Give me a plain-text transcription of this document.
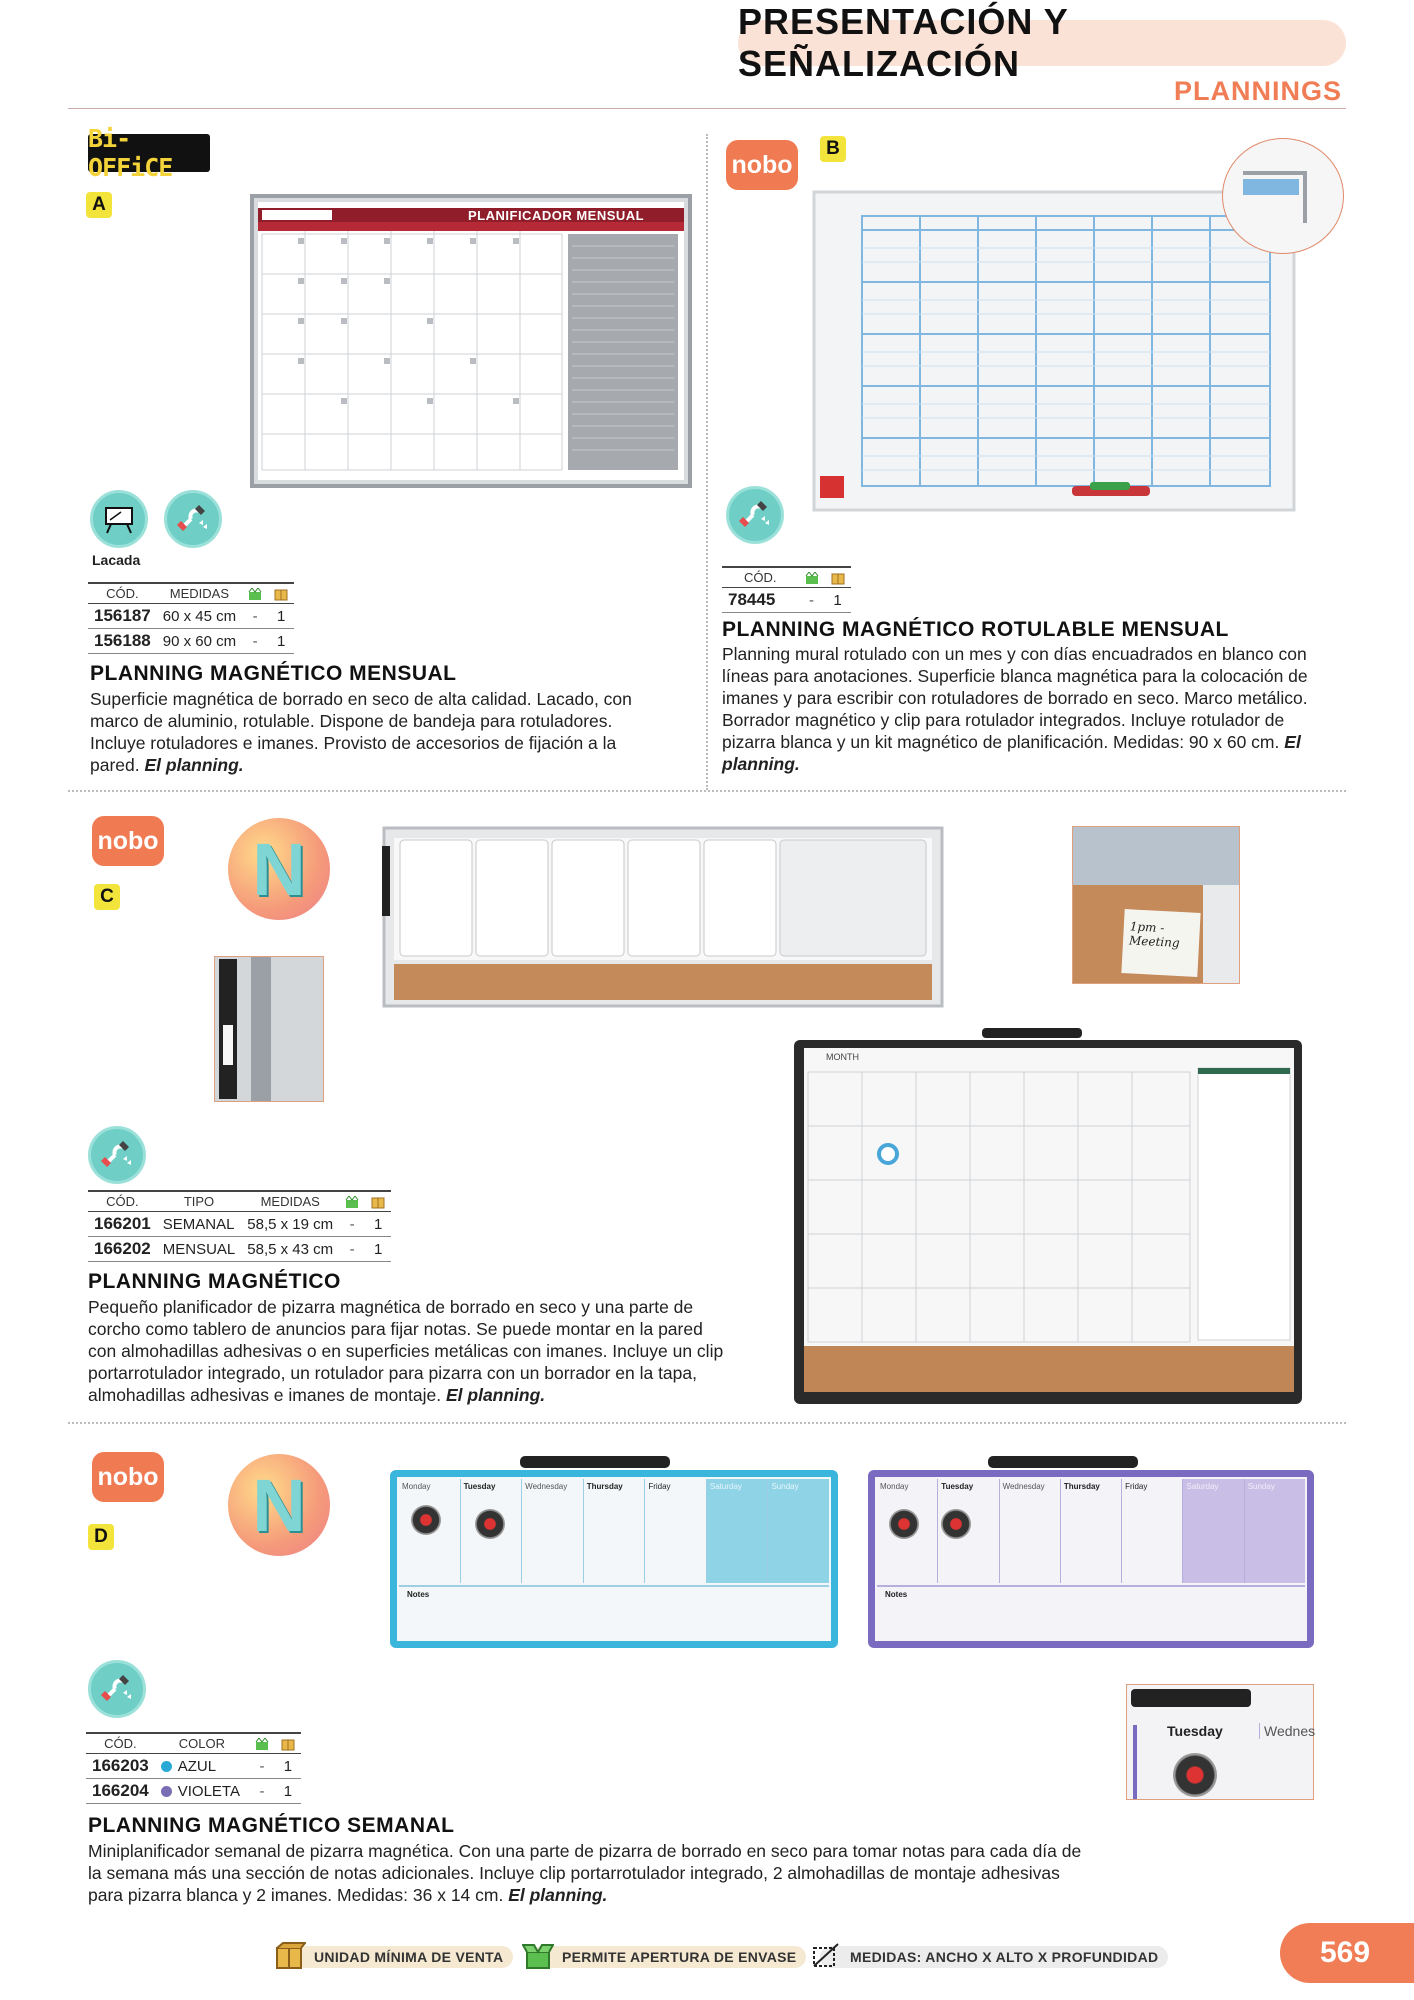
PRESENTACIÓN Y SEÑALIZACIÓN
PLANNINGS
Bi-OFFiCE
A
PLANIFICADOR MENSUAL
Lacada
CÓD.	MEDIDAS		
156187	60 x 45 cm	-	1
156188	90 x 60 cm	-	1
PLANNING MAGNÉTICO MENSUAL

Superficie magnética de borrado en seco de alta calidad. Lacado, con marco de aluminio, rotulable. Dispone de bandeja para rotuladores. Incluye rotuladores e imanes. Provisto de accesorios de fijación a la pared. El planning.

nobo
B
CÓD.		
78445	-	1
PLANNING MAGNÉTICO ROTULABLE MENSUAL

Planning mural rotulado con un mes y con días encuadrados en blanco con líneas para anotaciones. Superficie blanca magnética para la colocación de imanes y para escribir con rotuladores de borrado en seco. Marco metálico. Borrador magnético y clip para rotulador integrados. Incluye rotulador de pizarra blanca y un kit magnético de planificación. Medidas: 90 x 60 cm. El planning.

nobo
C	N
1pm - Meeting
MONTH
CÓD.	TIPO	MEDIDAS		
166201	SEMANAL	58,5 x 19 cm	-	1
166202	MENSUAL	58,5 x 43 cm	-	1
PLANNING MAGNÉTICO

Pequeño planificador de pizarra magnética de borrado en seco y una parte de corcho como tablero de anuncios para fijar notas. Se puede montar en la pared con almohadillas adhesivas o en superficies metálicas con imanes. Incluye un clip portarrotulador integrado, un rotulador para pizarra con un borrador en la tapa, almohadillas adhesivas e imanes de montaje. El planning.

nobo
D	N	Monday	Tuesday	Wednesday	Thursday	Friday	Saturday	Sunday
Notes
Monday	Tuesday	Wednesday	Thursday	Friday	Saturday	Sunday
Notes
Tuesday	Wednes
CÓD.	COLOR		
166203	AZUL	-	1
166204	VIOLETA	-	1
PLANNING MAGNÉTICO SEMANAL

Miniplanificador semanal de pizarra magnética. Con una parte de pizarra de borrado en seco para tomar notas para cada día de la semana más una sección de notas adicionales. Incluye clip portarrotulador integrado, 2 almohadillas de montaje adhesivas para pizarra blanca y 2 imanes. Medidas: 36 x 14 cm. El planning.

UNIDAD MÍNIMA DE VENTA	PERMITE APERTURA DE ENVASE	MEDIDAS: ANCHO X ALTO X PROFUNDIDAD	569
